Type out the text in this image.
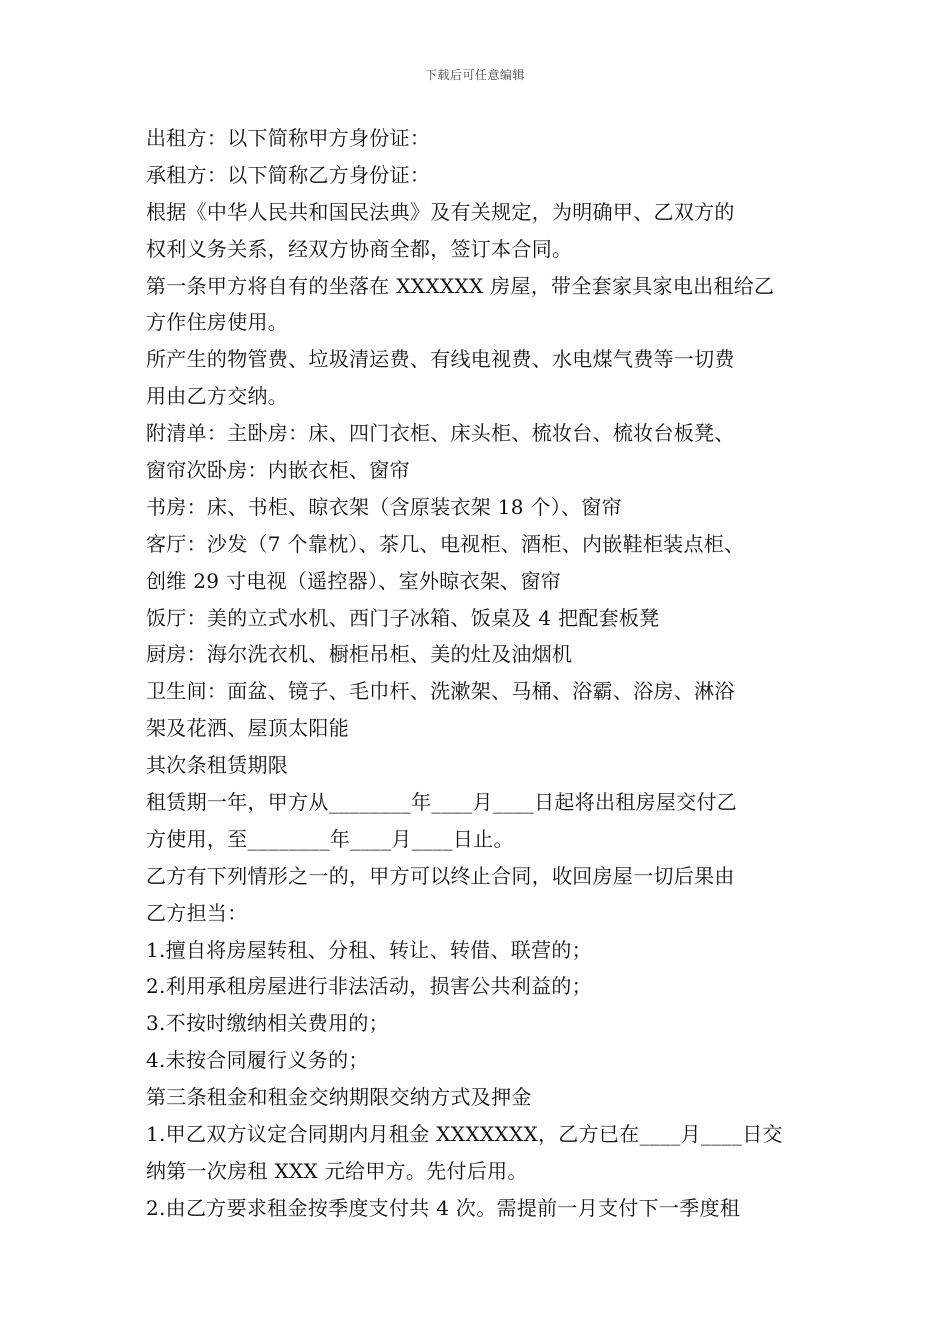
下载后可任意编辑
出租方：以下简称甲方身份证：
承租方：以下简称乙方身份证：
根据《中华人民共和国民法典》及有关规定，为明确甲、乙双方的
权利义务关系，经双方协商全都，签订本合同。
第一条甲方将自有的坐落在 XXXXXX 房屋，带全套家具家电出租给乙
方作住房使用。
所产生的物管费、垃圾清运费、有线电视费、水电煤气费等一切费
用由乙方交纳。
附清单：主卧房：床、四门衣柜、床头柜、梳妆台、梳妆台板凳、
窗帘次卧房：内嵌衣柜、窗帘
书房：床、书柜、晾衣架（含原装衣架 18 个）、窗帘
客厅：沙发（7 个靠枕）、茶几、电视柜、酒柜、内嵌鞋柜装点柜、
创维 29 寸电视（遥控器）、室外晾衣架、窗帘
饭厅：美的立式水机、西门子冰箱、饭桌及 4 把配套板凳
厨房：海尔洗衣机、橱柜吊柜、美的灶及油烟机
卫生间：面盆、镜子、毛巾杆、洗漱架、马桶、浴霸、浴房、淋浴
架及花洒、屋顶太阳能
其次条租赁期限
租赁期一年，甲方从________年____月____日起将出租房屋交付乙
方使用，至________年____月____日止。
乙方有下列情形之一的，甲方可以终止合同，收回房屋一切后果由
乙方担当：
1.擅自将房屋转租、分租、转让、转借、联营的；
2.利用承租房屋进行非法活动，损害公共利益的；
3.不按时缴纳相关费用的；
4.未按合同履行义务的；
第三条租金和租金交纳期限交纳方式及押金
1.甲乙双方议定合同期内月租金 XXXXXXX，乙方已在____月____日交
纳第一次房租 XXX 元给甲方。先付后用。
2.由乙方要求租金按季度支付共 4 次。需提前一月支付下一季度租
